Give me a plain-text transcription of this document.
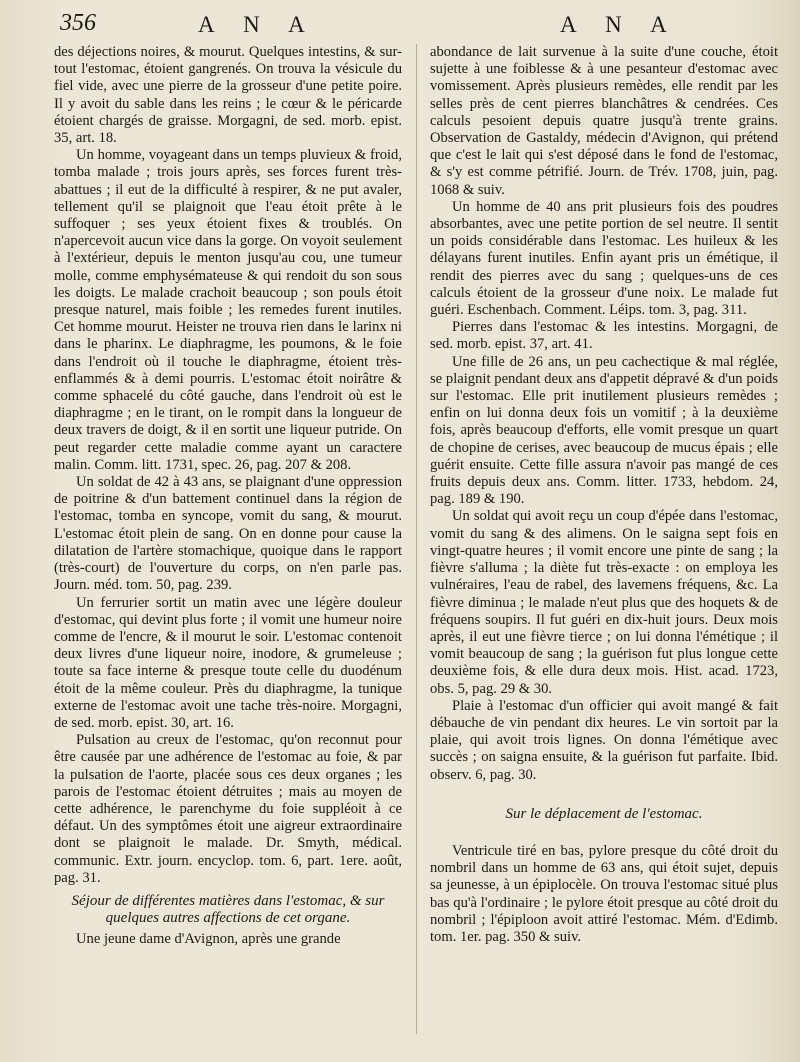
356	A N A	A N A

des déjections noires, & mourut. Quelques intestins, & sur-tout l'estomac, étoient gangrenés. On trouva la vésicule du fiel vide, avec une pierre de la grosseur d'une petite poire. Il y avoit du sable dans les reins ; le cœur & le péricarde étoient chargés de graisse. Morgagni, de sed. morb. epist. 35, art. 18.

Un homme, voyageant dans un temps pluvieux & froid, tomba malade ; trois jours après, ses forces furent très-abattues ; il eut de la difficulté à respirer, & ne put avaler, tellement qu'il se plaignoit que l'eau étoit prête à le suffoquer ; ses yeux étoient fixes & troublés. On n'apercevoit aucun vice dans la gorge. On voyoit seulement à l'extérieur, depuis le menton jusqu'au cou, une tumeur molle, comme emphysémateuse & qui rendoit du son sous les doigts. Le malade crachoit beaucoup ; son pouls étoit presque naturel, mais foible ; les remedes furent inutiles. Cet homme mourut. Heister ne trouva rien dans le larinx ni dans le pharinx. Le diaphragme, les poumons, & le foie dans l'endroit où il touche le diaphragme, étoient très-enflammés & à demi pourris. L'estomac étoit noirâtre & comme sphacelé du côté gauche, dans l'endroit où est le diaphragme ; en le tirant, on le rompit dans la longueur de deux travers de doigt, & il en sortit une liqueur putride. On peut regarder cette maladie comme ayant un caractere malin. Comm. litt. 1731, spec. 26, pag. 207 & 208.

Un soldat de 42 à 43 ans, se plaignant d'une oppression de poitrine & d'un battement continuel dans la région de l'estomac, tomba en syncope, vomit du sang, & mourut. L'estomac étoit plein de sang. On en donne pour cause la dilatation de l'artère stomachique, quoique dans le rapport (très-court) de l'ouverture du corps, on n'en parle pas. Journ. méd. tom. 50, pag. 239.

Un ferrurier sortit un matin avec une légère douleur d'estomac, qui devint plus forte ; il vomit une humeur noire comme de l'encre, & il mourut le soir. L'estomac contenoit deux livres d'une liqueur noire, inodore, & grumeleuse ; toute sa face interne & presque toute celle du duodénum étoit de la même couleur. Près du diaphragme, la tunique externe de l'estomac avoit une tache très-noire. Morgagni, de sed. morb. epist. 30, art. 16.

Pulsation au creux de l'estomac, qu'on reconnut pour être causée par une adhérence de l'estomac au foie, & par la pulsation de l'aorte, placée sous ces deux organes ; les parois de l'estomac étoient détruites ; mais au moyen de cette adhérence, le parenchyme du foie suppléoit à ce défaut. Un des symptômes étoit une aigreur extraordinaire dont se plaignoit le malade. Dr. Smyth, médical. communic. Extr. journ. encyclop. tom. 6, part. 1ere. août, pag. 31.

Séjour de différentes matières dans l'estomac, & sur quelques autres affections de cet organe.

Une jeune dame d'Avignon, après une grande

abondance de lait survenue à la suite d'une couche, étoit sujette à une foiblesse & à une pesanteur d'estomac avec vomissement. Après plusieurs remèdes, elle rendit par les selles près de cent pierres blanchâtres & cendrées. Ces calculs pesoient depuis quatre jusqu'à trente grains. Observation de Gastaldy, médecin d'Avignon, qui prétend que c'est le lait qui s'est déposé dans le fond de l'estomac, & s'y est comme pétrifié. Journ. de Trév. 1708, juin, pag. 1068 & suiv.

Un homme de 40 ans prit plusieurs fois des poudres absorbantes, avec une petite portion de sel neutre. Il sentit un poids considérable dans l'estomac. Les huileux & les délayans furent inutiles. Enfin ayant pris un émétique, il rendit des pierres avec du sang ; quelques-uns de ces calculs étoient de la grosseur d'une noix. Le malade fut guéri. Eschenbach. Comment. Léips. tom. 3, pag. 311.

Pierres dans l'estomac & les intestins. Morgagni, de sed. morb. epist. 37, art. 41.

Une fille de 26 ans, un peu cachectique & mal réglée, se plaignit pendant deux ans d'appetit dépravé & d'un poids sur l'estomac. Elle prit inutilement plusieurs remèdes ; enfin on lui donna deux fois un vomitif ; à la deuxième fois, après beaucoup d'efforts, elle vomit presque un quart de chopine de cerises, avec beaucoup de mucus épais ; elle guérit ensuite. Cette fille assura n'avoir pas mangé de ces fruits depuis deux ans. Comm. litter. 1733, hebdom. 24, pag. 189 & 190.

Un soldat qui avoit reçu un coup d'épée dans l'estomac, vomit du sang & des alimens. On le saigna sept fois en vingt-quatre heures ; il vomit encore une pinte de sang ; la fièvre s'alluma ; la diète fut très-exacte : on employa les vulnéraires, l'eau de rabel, des lavemens fréquens, &c. La fièvre diminua ; le malade n'eut plus que des hoquets & de fréquens soupirs. Il fut guéri en dix-huit jours. Deux mois après, il eut une fièvre tierce ; on lui donna l'émétique ; il vomit beaucoup de sang ; la guérison fut plus longue cette deuxième fois, & elle dura deux mois. Hist. acad. 1723, obs. 5, pag. 29 & 30.

Plaie à l'estomac d'un officier qui avoit mangé & fait débauche de vin pendant dix heures. Le vin sortoit par la plaie, qui avoit trois lignes. On donna l'émétique avec succès ; on saigna ensuite, & la guérison fut parfaite. Ibid. observ. 6, pag. 30.

Sur le déplacement de l'estomac.

Ventricule tiré en bas, pylore presque du côté droit du nombril dans un homme de 63 ans, qui étoit sujet, depuis sa jeunesse, à un épiplocèle. On trouva l'estomac situé plus bas qu'à l'ordinaire ; le pylore étoit presque au côté droit du nombril ; l'épiploon avoit attiré l'estomac. Mém. d'Edimb. tom. 1er. pag. 350 & suiv.
